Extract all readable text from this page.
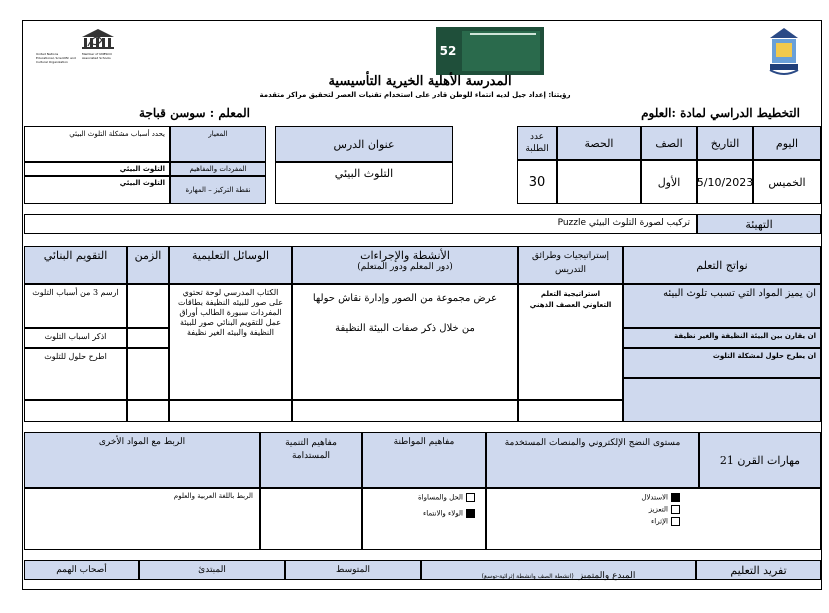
United Nations Educational, Scientific and Cultural Organization
Member of UNESCO Associated Schools	52
المدرسة الأهلية الخيرية التأسيسية
رؤيتنا: إعداد جيل لديه انتماء للوطن قادر على استخدام تقنيات العصر لتحقيق مراكز متقدمة
التخطيط الدراسي لمادة :العلوم
المعلم : سوسن قباجة
اليوم
التاريخ
الصف
الحصة
عدد الطلبة
الخميس
5/10/2023
الأول
30
عنوان الدرس
التلوث البيئي
المعيار
يحدد أسباب مشكلة التلوث البيئي
المفردات والمفاهيم
التلوث البيئي
نقطة التركيز – المهارة
التلوث البيئي
التهيئة
تركيب لصورة التلوث البيئي Puzzle
نواتج التعلم
إستراتيجيات وطرائق التدريس
الأنشطة والإجراءات
(دور المعلم ودور المتعلم)
الوسائل التعليمية
الزمن
التقويم البنائي
ان يميز المواد التي تسبب تلوث البيئه
ان يقارن بين البيئة النظيفة والغير نظيفة
ان يطرح حلول لمشكلة التلوث
استراتيجية التعلم التعاوني العصف الذهني
عرض مجموعة من الصور وإدارة نقاش حولها
من خلال ذكر صفات البيئة النظيفة
الكتاب المدرسي لوحة تحتوي على صور للبيئه النظيفة بطاقات المفردات سبورة الطالب أوراق عمل للتقويم البنائي صور للبيئة النظيفة والبيئه الغير نظيفة
ارسم 3 من أسباب التلوث
اذكر اسباب التلوث
اطرح حلول للتلوث
مهارات القرن 21
مستوى النضج الإلكتروني والمنصات المستخدمة
مفاهيم المواطنة
مفاهيم التنمية المستدامة
الربط مع المواد الأخرى
الاستدلال
التعزيز
الإثراء
الحل والمساواة
الولاء والانتماء
الربط باللغة العربية والعلوم
تفريد التعليم
المبدع والمتميز (انشطة الصف وانشطة إثرائية-توسع)
المتوسط
المبتدئ
أصحاب الهمم
